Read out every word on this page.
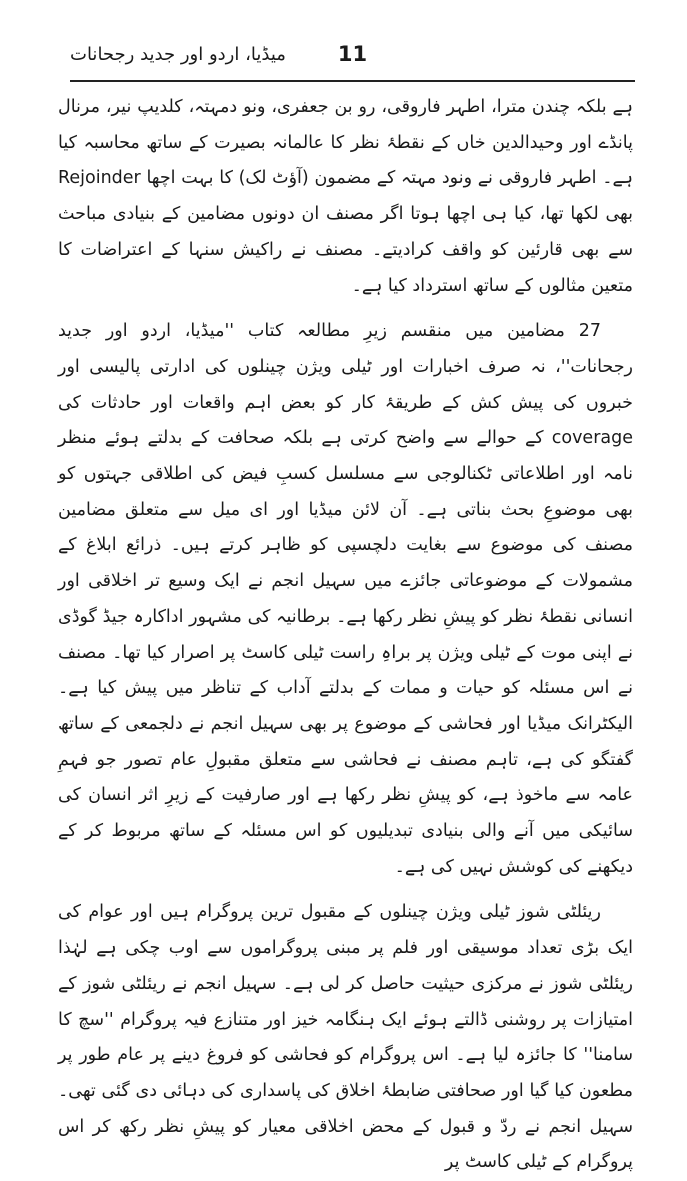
میڈیا، اردو اور جدید رجحانات	11

ہے بلکہ چندن مترا، اطہر فاروقی، رو بن جعفری، ونو دمہتہ، کلدیپ نیر، مرنال پانڈے اور وحیدالدین خاں کے نقطۂ نظر کا عالمانہ بصیرت کے ساتھ محاسبہ کیا ہے۔ اطہر فاروقی نے ونود مہتہ کے مضمون (آؤٹ لک) کا بہت اچھا Rejoinder بھی لکھا تھا، کیا ہی اچھا ہوتا اگر مصنف ان دونوں مضامین کے بنیادی مباحث سے بھی قارئین کو واقف کرادیتے۔ مصنف نے راکیش سنہا کے اعتراضات کا متعین مثالوں کے ساتھ استرداد کیا ہے۔

27 مضامین میں منقسم زیرِ مطالعہ کتاب ''میڈیا، اردو اور جدید رجحانات''، نہ صرف اخبارات اور ٹیلی ویژن چینلوں کی ادارتی پالیسی اور خبروں کی پیش کش کے طریقۂ کار کو بعض اہم واقعات اور حادثات کی coverage کے حوالے سے واضح کرتی ہے بلکہ صحافت کے بدلتے ہوئے منظر نامہ اور اطلاعاتی ٹکنالوجی سے مسلسل کسبِ فیض کی اطلاقی جہتوں کو بھی موضوعِ بحث بناتی ہے۔ آن لائن میڈیا اور ای میل سے متعلق مضامین مصنف کی موضوع سے بغایت دلچسپی کو ظاہر کرتے ہیں۔ ذرائع ابلاغ کے مشمولات کے موضوعاتی جائزے میں سہیل انجم نے ایک وسیع تر اخلاقی اور انسانی نقطۂ نظر کو پیشِ نظر رکھا ہے۔ برطانیہ کی مشہور اداکارہ جیڈ گوڈی نے اپنی موت کے ٹیلی ویژن پر براہِ راست ٹیلی کاسٹ پر اصرار کیا تھا۔ مصنف نے اس مسئلہ کو حیات و ممات کے بدلتے آداب کے تناظر میں پیش کیا ہے۔ الیکٹرانک میڈیا اور فحاشی کے موضوع پر بھی سہیل انجم نے دلجمعی کے ساتھ گفتگو کی ہے، تاہم مصنف نے فحاشی سے متعلق مقبولِ عام تصور جو فہمِ عامہ سے ماخوذ ہے، کو پیشِ نظر رکھا ہے اور صارفیت کے زیرِ اثر انسان کی سائیکی میں آنے والی بنیادی تبدیلیوں کو اس مسئلہ کے ساتھ مربوط کر کے دیکھنے کی کوشش نہیں کی ہے۔

ریئلٹی شوز ٹیلی ویژن چینلوں کے مقبول ترین پروگرام ہیں اور عوام کی ایک بڑی تعداد موسیقی اور فلم پر مبنی پروگراموں سے اوب چکی ہے لہٰذا ریئلٹی شوز نے مرکزی حیثیت حاصل کر لی ہے۔ سہیل انجم نے ریئلٹی شوز کے امتیازات پر روشنی ڈالتے ہوئے ایک ہنگامہ خیز اور متنازع فیہ پروگرام ''سچ کا سامنا'' کا جائزہ لیا ہے۔ اس پروگرام کو فحاشی کو فروغ دینے پر عام طور پر مطعون کیا گیا اور صحافتی ضابطۂ اخلاق کی پاسداری کی دہائی دی گئی تھی۔ سہیل انجم نے ردّ و قبول کے محض اخلاقی معیار کو پیشِ نظر رکھ کر اس پروگرام کے ٹیلی کاسٹ پر
